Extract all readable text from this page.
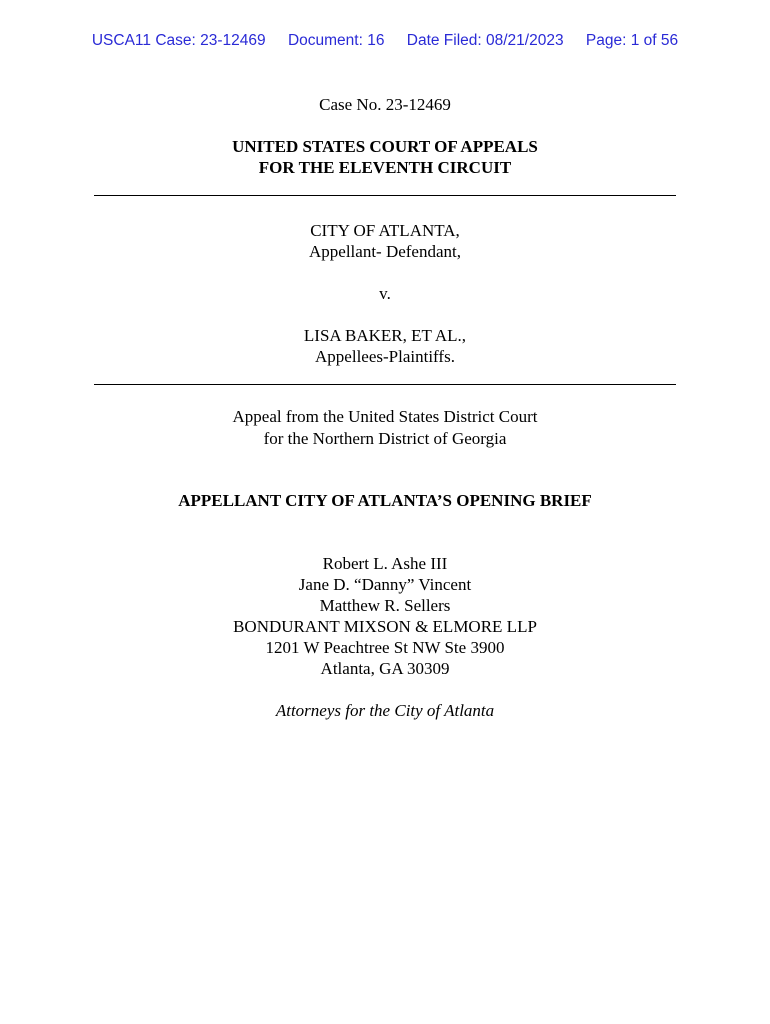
USCA11 Case: 23-12469 Document: 16 Date Filed: 08/21/2023 Page: 1 of 56
Case No. 23-12469
UNITED STATES COURT OF APPEALS
FOR THE ELEVENTH CIRCUIT
CITY OF ATLANTA,
Appellant- Defendant,
v.
LISA BAKER, ET AL.,
Appellees-Plaintiffs.
Appeal from the United States District Court
for the Northern District of Georgia
APPELLANT CITY OF ATLANTA’S OPENING BRIEF
Robert L. Ashe III
Jane D. “Danny” Vincent
Matthew R. Sellers
BONDURANT MIXSON & ELMORE LLP
1201 W Peachtree St NW Ste 3900
Atlanta, GA 30309
Attorneys for the City of Atlanta
